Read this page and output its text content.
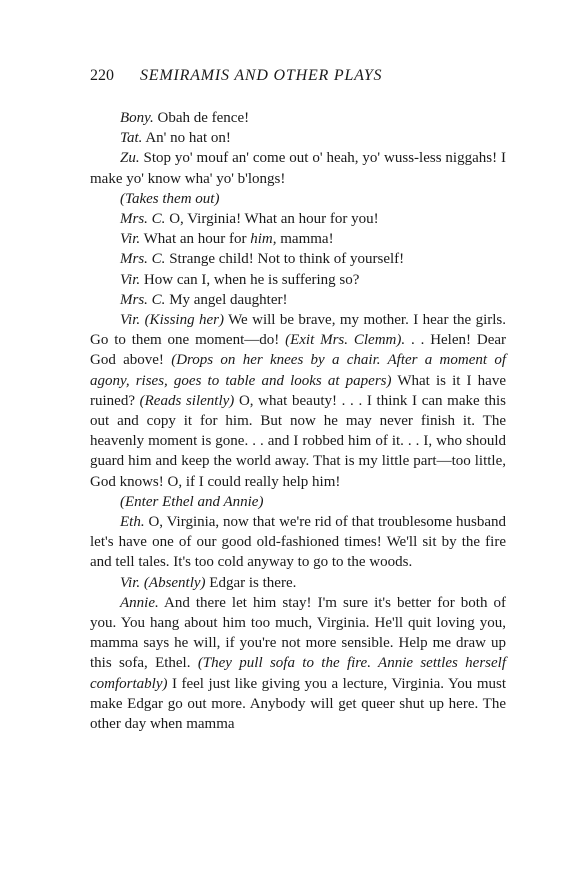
220 SEMIRAMIS AND OTHER PLAYS

Bony. Obah de fence!

Tat. An' no hat on!

Zu. Stop yo' mouf an' come out o' heah, yo' wuss-less niggahs! I make yo' know wha' yo' b'longs!

(Takes them out)

Mrs. C. O, Virginia! What an hour for you!

Vir. What an hour for him, mamma!

Mrs. C. Strange child! Not to think of yourself!

Vir. How can I, when he is suffering so?

Mrs. C. My angel daughter!

Vir. (Kissing her) We will be brave, my mother. I hear the girls. Go to them one moment—do! (Exit Mrs. Clemm). . . Helen! Dear God above! (Drops on her knees by a chair. After a moment of agony, rises, goes to table and looks at papers) What is it I have ruined? (Reads silently) O, what beauty! . . . I think I can make this out and copy it for him. But now he may never finish it. The heavenly moment is gone. . . and I robbed him of it. . . I, who should guard him and keep the world away. That is my little part—too little, God knows! O, if I could really help him!

(Enter Ethel and Annie)

Eth. O, Virginia, now that we're rid of that troublesome husband let's have one of our good old-fashioned times! We'll sit by the fire and tell tales. It's too cold anyway to go to the woods.

Vir. (Absently) Edgar is there.

Annie. And there let him stay! I'm sure it's better for both of you. You hang about him too much, Virginia. He'll quit loving you, mamma says he will, if you're not more sensible. Help me draw up this sofa, Ethel. (They pull sofa to the fire. Annie settles herself comfortably) I feel just like giving you a lecture, Virginia. You must make Edgar go out more. Anybody will get queer shut up here. The other day when mamma
